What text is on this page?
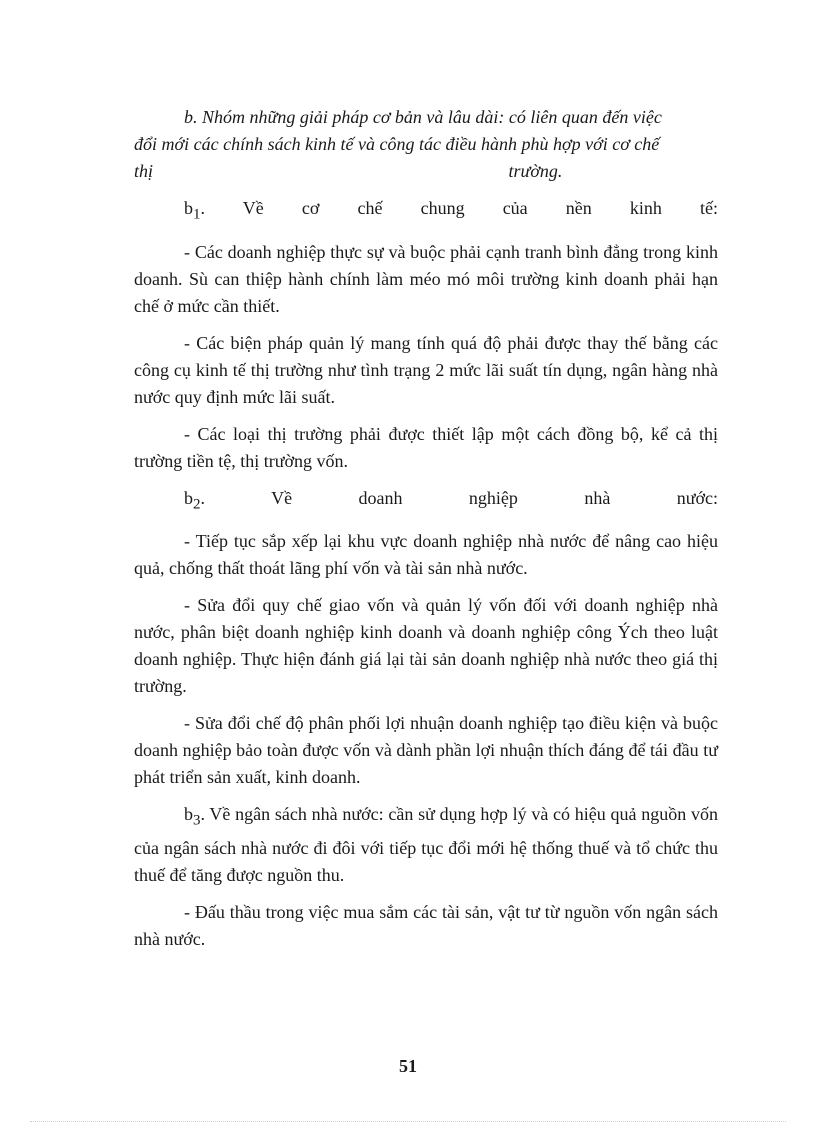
b. Nhóm những giải pháp cơ bản và lâu dài: có liên quan đến việc
đổi mới các chính sách kinh tế và công tác điều hành phù hợp với cơ chế
thị                                                                               trường.

$b_1$. Về cơ chế chung của nền kinh tế:

- Các doanh nghiệp thực sự và buộc phải cạnh tranh bình đẳng trong kinh doanh. Sù can thiệp hành chính làm méo mó môi trường kinh doanh phải hạn chế ở mức cần thiết.

- Các biện pháp quản lý mang tính quá độ phải được thay thế bằng các công cụ kinh tế thị trường như tình trạng 2 mức lãi suất tín dụng, ngân hàng nhà nước quy định mức lãi suất.

- Các loại thị trường phải được thiết lập một cách đồng bộ, kể cả thị trường tiền tệ, thị trường vốn.

$b_2$. Về doanh nghiệp nhà nước:

- Tiếp tục sắp xếp lại khu vực doanh nghiệp nhà nước để nâng cao hiệu quả, chống thất thoát lãng phí vốn và tài sản nhà nước.

- Sửa đổi quy chế giao vốn và quản lý vốn đối với doanh nghiệp nhà nước, phân biệt doanh nghiệp kinh doanh và doanh nghiệp công Ých theo luật doanh nghiệp. Thực hiện đánh giá lại tài sản doanh nghiệp nhà nước theo giá thị trường.

- Sửa đổi chế độ phân phối lợi nhuận doanh nghiệp tạo điều kiện và buộc doanh nghiệp bảo toàn được vốn và dành phần lợi nhuận thích đáng để tái đầu tư phát triển sản xuất, kinh doanh.

$b_3$. Về ngân sách nhà nước: cần sử dụng hợp lý và có hiệu quả nguồn vốn của ngân sách nhà nước đi đôi với tiếp tục đổi mới hệ thống thuế và tổ chức thu thuế để tăng được nguồn thu.

- Đấu thầu trong việc mua sắm các tài sản, vật tư từ nguồn vốn ngân sách nhà nước.

51
